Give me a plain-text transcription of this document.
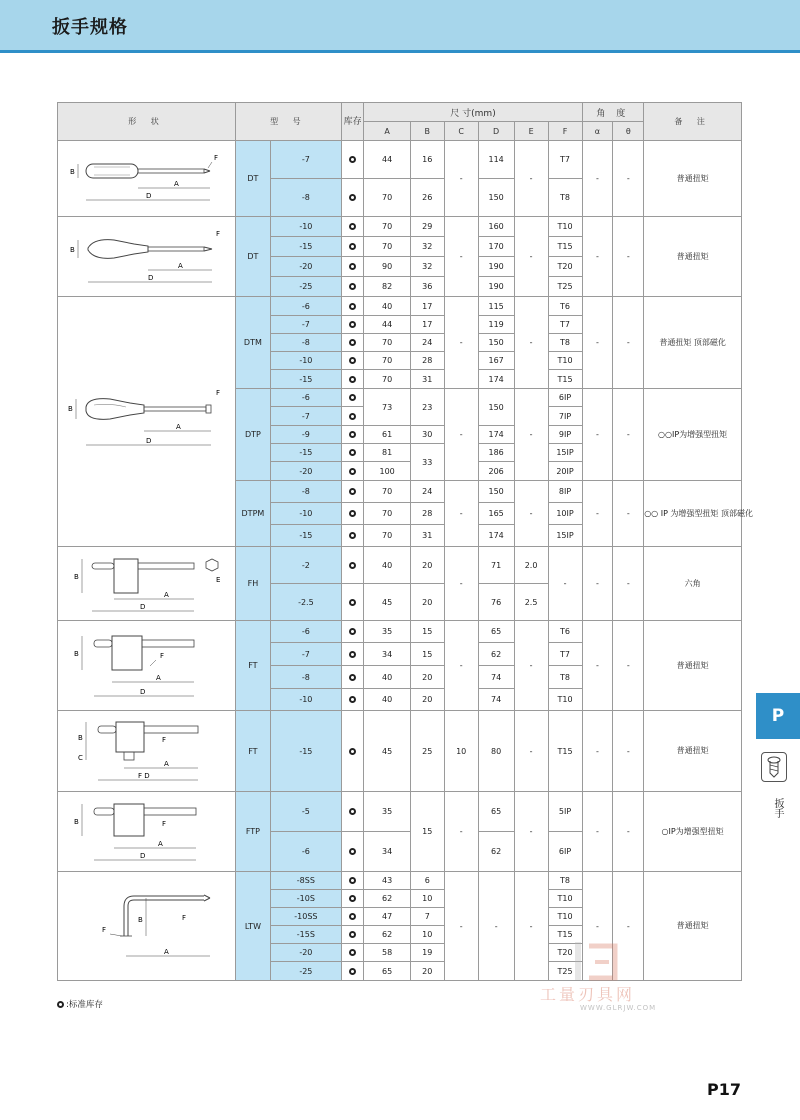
扳手规格
形 状	型 号		库存	尺 寸(mm)						角 度		备 注
				A	B	C	D	E	F	α	θ	

B
A
D
F	DT	-7		44	16	-	114	-	T7	-	-	普通扭矩
		-8		70	26		150		T8			

B
A
D
F	DT	-10		70	29	-	160	-	T10	-	-	普通扭矩
		-15		70	32		170		T15			
		-20		90	32		190		T20			
		-25		82	36		190		T25			

B
A
D
F	DTM	-6		40	17	-	115	-	T6	-	-	普通扭矩 顶部磁化
		-7		44	17		119		T7			
		-8		70	24		150		T8			
		-10		70	28		167		T10			
		-15		70	31		174		T15			
	DTP	-6		73	23	-	150	-	6IP	-	-	○○IP为增强型扭矩
		-7							7IP			
		-9		61	30		174		9IP			
		-15		81	33		186		15IP			
		-20		100			206		20IP			
	DTPM	-8		70	24	-	150	-	8IP	-	-	○○ IP 为增强型扭矩 顶部磁化
		-10		70	28		165		10IP			
		-15		70	31		174		15IP			

E
B
A
D	FH	-2		40	20	-	71	2.0	-	-	-	六角
		-2.5		45	20		76	2.5				

B F
A
D	FT	-6		35	15	-	65	-	T6	-	-	普通扭矩
		-7		34	15		62		T7			
		-8		40	20		74		T8			
		-10		40	20		74		T10			

B
C
F
A
F D	FT	-15		45	25	10	80	-	T15	-	-	普通扭矩

B F
A
D	FTP	-5		35	15	-	65	-	5IP	-	-	○IP为增强型扭矩
		-6		34			62		6IP			

B
F
F
A	LTW	-8SS		43	6	-	-	-	T8	-	-	普通扭矩
		-10S		62	10				T10			
		-10SS		47	7				T10			
		-15S		62	10				T15			
		-20		58	19				T20			
		-25		65	20				T25			
:标准库存
P
扳手
工量刃具网
WWW.GLRJW.COM
P17
